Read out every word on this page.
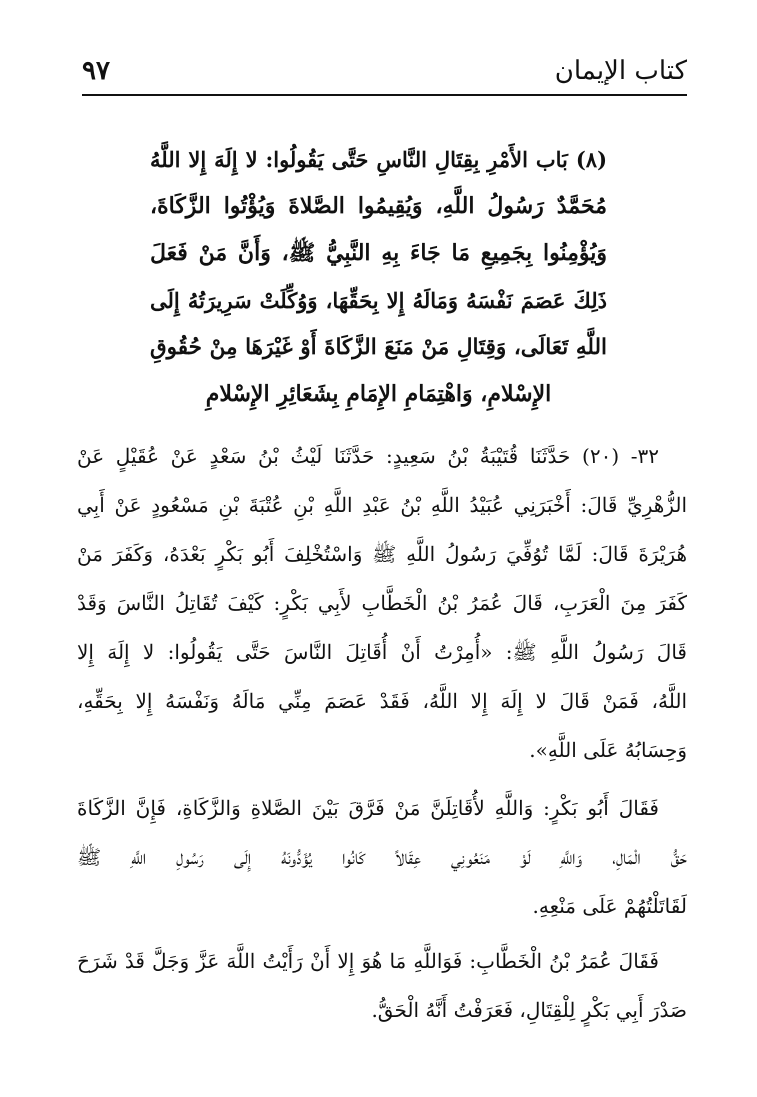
كتاب الإيمان
٩٧
(٨) بَاب الأَمْرِ بِقِتَالِ النَّاسِ حَتَّى يَقُولُوا: لا إِلَهَ إِلا اللَّهُ
مُحَمَّدٌ رَسُولُ اللَّهِ، وَيُقِيمُوا الصَّلاةَ وَيُؤْتُوا الزَّكَاةَ،
وَيُؤْمِنُوا بِجَمِيعِ مَا جَاءَ بِهِ النَّبِيُّ ﷺ، وَأَنَّ مَنْ فَعَلَ
ذَلِكَ عَصَمَ نَفْسَهُ وَمَالَهُ إِلا بِحَقِّهَا، وَوُكِّلَتْ سَرِيرَتُهُ إِلَى
اللَّهِ تَعَالَى، وَقِتَالِ مَنْ مَنَعَ الزَّكَاةَ أَوْ غَيْرَهَا مِنْ حُقُوقِ
الإِسْلامِ، وَاهْتِمَامِ الإِمَامِ بِشَعَائِرِ الإِسْلامِ
٣٢- (٢٠) حَدَّثَنَا قُتَيْبَةُ بْنُ سَعِيدٍ: حَدَّثَنَا لَيْثُ بْنُ سَعْدٍ عَنْ عُقَيْلٍ عَنْ
الزُّهْرِيِّ قَالَ: أَخْبَرَنِي عُبَيْدُ اللَّهِ بْنُ عَبْدِ اللَّهِ بْنِ عُتْبَةَ بْنِ مَسْعُودٍ عَنْ أَبِي
هُرَيْرَةَ قَالَ: لَمَّا تُوُفِّيَ رَسُولُ اللَّهِ ﷺ وَاسْتُخْلِفَ أَبُو بَكْرٍ بَعْدَهُ، وَكَفَرَ مَنْ
كَفَرَ مِنَ الْعَرَبِ، قَالَ عُمَرُ بْنُ الْخَطَّابِ لأَبِي بَكْرٍ: كَيْفَ تُقَاتِلُ النَّاسَ وَقَدْ
قَالَ رَسُولُ اللَّهِ ﷺ: «أُمِرْتُ أَنْ أُقَاتِلَ النَّاسَ حَتَّى يَقُولُوا: لا إِلَهَ إِلا
اللَّهُ، فَمَنْ قَالَ لا إِلَهَ إِلا اللَّهُ، فَقَدْ عَصَمَ مِنِّي مَالَهُ وَنَفْسَهُ إِلا بِحَقِّهِ،
وَحِسَابُهُ عَلَى اللَّهِ».
فَقَالَ أَبُو بَكْرٍ: وَاللَّهِ لأُقَاتِلَنَّ مَنْ فَرَّقَ بَيْنَ الصَّلاةِ وَالزَّكَاةِ، فَإِنَّ الزَّكَاةَ
حَقُّ الْمَالِ، وَاللَّهِ لَوْ مَنَعُونِي عِقَالاً كَانُوا يُؤَدُّونَهُ إِلَى رَسُولِ اللَّهِ ﷺ
لَقَاتَلْتُهُمْ عَلَى مَنْعِهِ.
فَقَالَ عُمَرُ بْنُ الْخَطَّابِ: فَوَاللَّهِ مَا هُوَ إِلا أَنْ رَأَيْتُ اللَّهَ عَزَّ وَجَلَّ قَدْ شَرَحَ
صَدْرَ أَبِي بَكْرٍ لِلْقِتَالِ، فَعَرَفْتُ أَنَّهُ الْحَقُّ.
